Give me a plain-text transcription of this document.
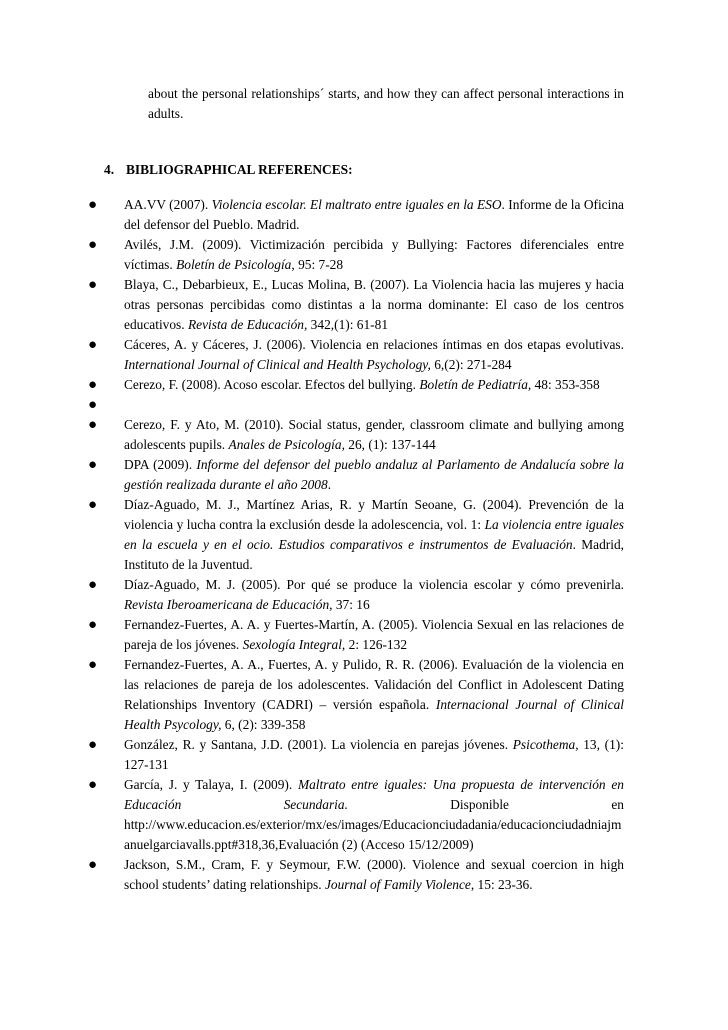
about the personal relationships´ starts, and how they can affect personal interactions in adults.
4. BIBLIOGRAPHICAL REFERENCES:
● AA.VV (2007). Violencia escolar. El maltrato entre iguales en la ESO. Informe de la Oficina del defensor del Pueblo. Madrid.
● Avilés, J.M. (2009). Victimización percibida y Bullying: Factores diferenciales entre víctimas. Boletín de Psicología, 95: 7-28
● Blaya, C., Debarbieux, E., Lucas Molina, B. (2007). La Violencia hacia las mujeres y hacia otras personas percibidas como distintas a la norma dominante: El caso de los centros educativos. Revista de Educación, 342,(1): 61-81
● Cáceres, A. y Cáceres, J. (2006). Violencia en relaciones íntimas en dos etapas evolutivas. International Journal of Clinical and Health Psychology, 6,(2): 271-284
● Cerezo, F. (2008). Acoso escolar. Efectos del bullying. Boletín de Pediatría, 48: 353-358
●
● Cerezo, F. y Ato, M. (2010). Social status, gender, classroom climate and bullying among adolescents pupils. Anales de Psicología, 26, (1): 137-144
● DPA (2009). Informe del defensor del pueblo andaluz al Parlamento de Andalucía sobre la gestión realizada durante el año 2008.
● Díaz-Aguado, M. J., Martínez Arias, R. y Martín Seoane, G. (2004). Prevención de la violencia y lucha contra la exclusión desde la adolescencia, vol. 1: La violencia entre iguales en la escuela y en el ocio. Estudios comparativos e instrumentos de Evaluación. Madrid, Instituto de la Juventud.
● Díaz-Aguado, M. J. (2005). Por qué se produce la violencia escolar y cómo prevenirla. Revista Iberoamericana de Educación, 37: 16
● Fernandez-Fuertes, A. A. y Fuertes-Martín, A. (2005). Violencia Sexual en las relaciones de pareja de los jóvenes. Sexología Integral, 2: 126-132
● Fernandez-Fuertes, A. A., Fuertes, A. y Pulido, R. R. (2006). Evaluación de la violencia en las relaciones de pareja de los adolescentes. Validación del Conflict in Adolescent Dating Relationships Inventory (CADRI) – versión española. Internacional Journal of Clinical Health Psycology, 6, (2): 339-358
● González, R. y Santana, J.D. (2001). La violencia en parejas jóvenes. Psicothema, 13, (1): 127-131
● García, J. y Talaya, I. (2009). Maltrato entre iguales: Una propuesta de intervención en
Educación	Secundaria.	Disponible	en
http://www.educacion.es/exterior/mx/es/images/Educacionciudadania/educacionciudadniajmanuelgarciavalls.ppt#318,36,Evaluación (2) (Acceso 15/12/2009)
● Jackson, S.M., Cram, F. y Seymour, F.W. (2000). Violence and sexual coercion in high school students’ dating relationships. Journal of Family Violence, 15: 23-36.
